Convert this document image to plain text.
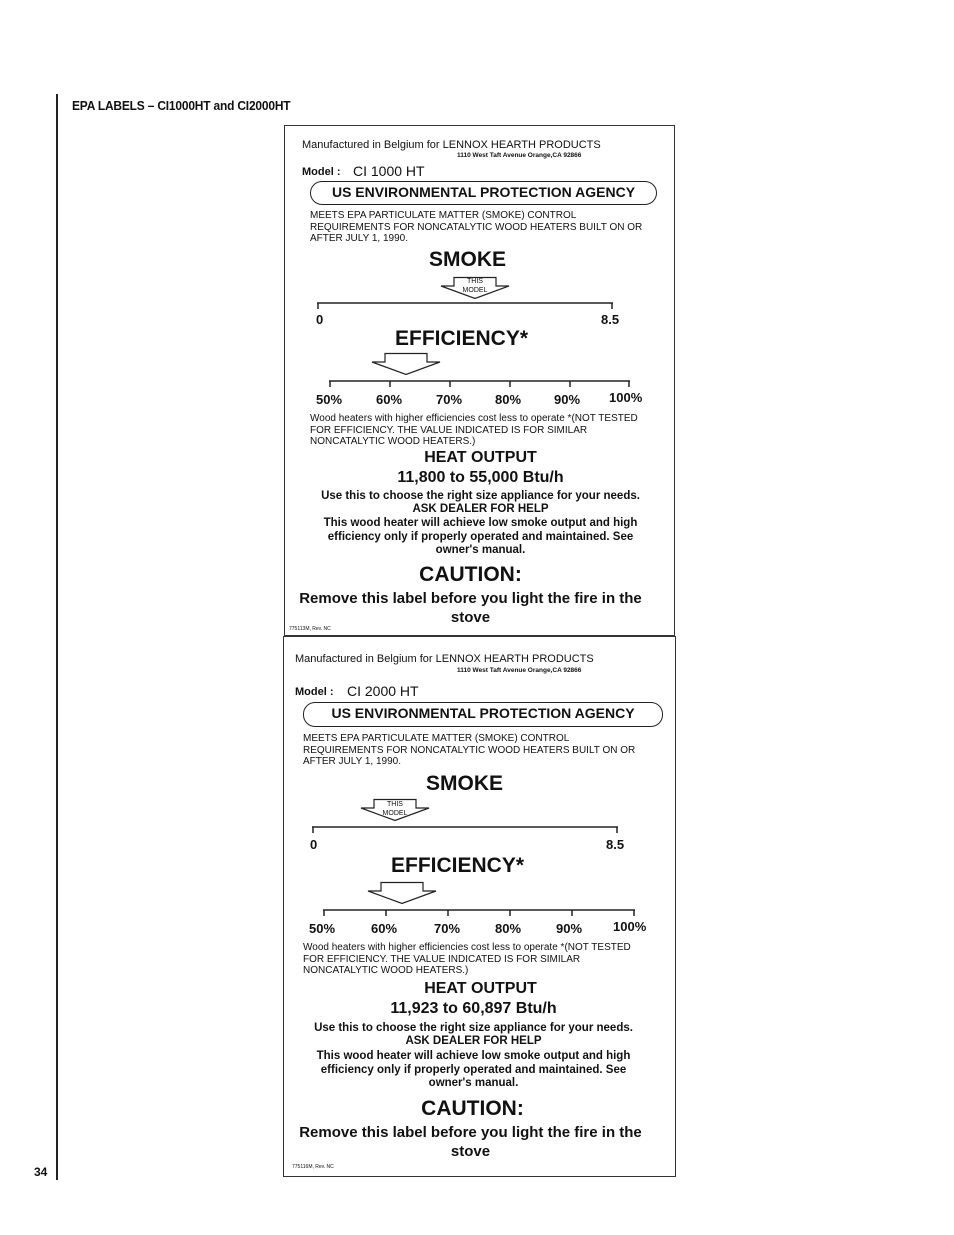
EPA LABELS – CI1000HT and CI2000HT
34
Manufactured in Belgium for LENNOX HEARTH PRODUCTS
1110 West Taft Avenue Orange,CA 92866
Model : CI 1000 HT
US ENVIRONMENTAL PROTECTION AGENCY
MEETS EPA PARTICULATE MATTER (SMOKE) CONTROL REQUIREMENTS FOR NONCATALYTIC WOOD HEATERS BUILT ON OR AFTER JULY 1, 1990.
SMOKE
THIS MODEL
0	8.5
EFFICIENCY*
50%	60%	70%	80%	90% 100%
Wood heaters with higher efficiencies cost less to operate *(NOT TESTED FOR EFFICIENCY. THE VALUE INDICATED IS FOR SIMILAR NONCATALYTIC WOOD HEATERS.)
HEAT OUTPUT
11,800 to 55,000 Btu/h
Use this to choose the right size appliance for your needs.
ASK DEALER FOR HELP
This wood heater will achieve low smoke output and high efficiency only if properly operated and maintained. See owner's manual.
CAUTION:
Remove this label before you light the fire in the stove
775113M, Rev. NC
Manufactured in Belgium for LENNOX HEARTH PRODUCTS
1110 West Taft Avenue Orange,CA 92866
Model : CI 2000 HT
US ENVIRONMENTAL PROTECTION AGENCY
MEETS EPA PARTICULATE MATTER (SMOKE) CONTROL REQUIREMENTS FOR NONCATALYTIC WOOD HEATERS BUILT ON OR AFTER JULY 1, 1990.
SMOKE
THIS MODEL
0	8.5
EFFICIENCY*
50%	60%	70%	80%	90% 100%
Wood heaters with higher efficiencies cost less to operate *(NOT TESTED FOR EFFICIENCY. THE VALUE INDICATED IS FOR SIMILAR NONCATALYTIC WOOD HEATERS.)
HEAT OUTPUT
11,923 to 60,897 Btu/h
Use this to choose the right size appliance for your needs.
ASK DEALER FOR HELP
This wood heater will achieve low smoke output and high efficiency only if properly operated and maintained. See owner's manual.
CAUTION:
Remove this label before you light the fire in the stove
775116M, Rev. NC
